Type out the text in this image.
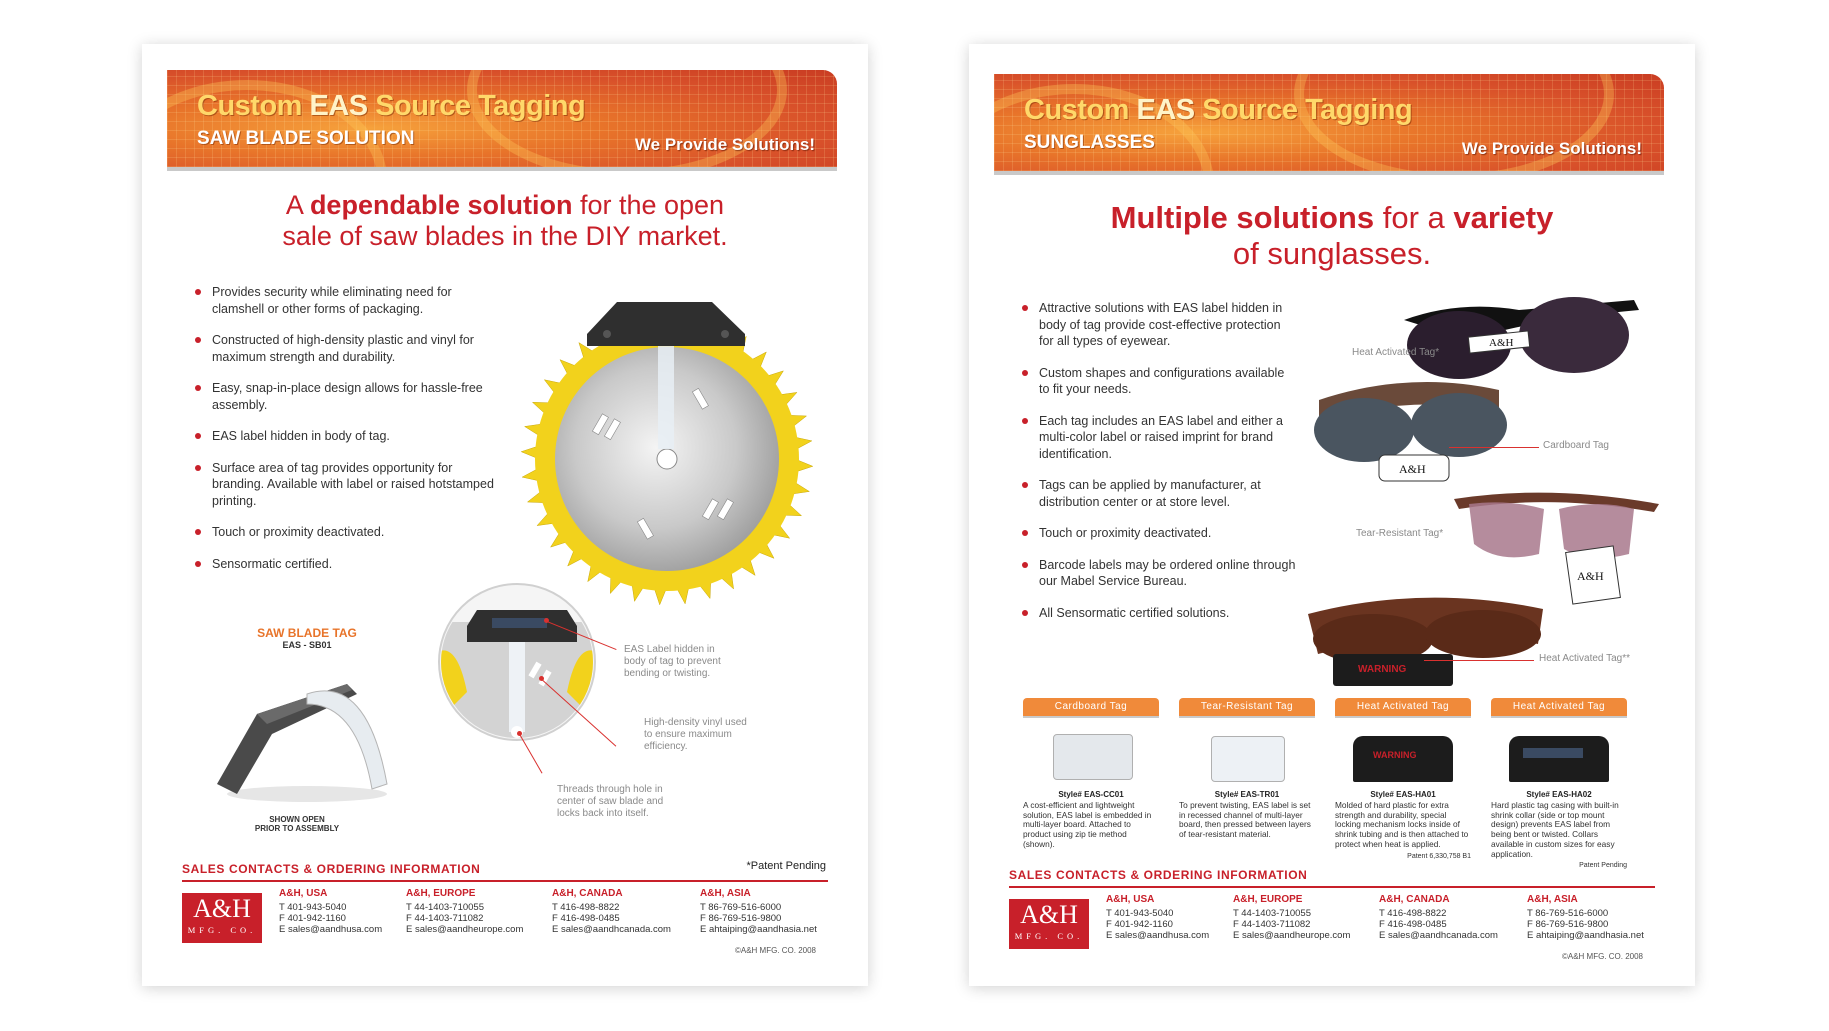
Custom EAS Source Tagging
SAW BLADE SOLUTION	We Provide Solutions!
A dependable solution for the open
sale of saw blades in the DIY market.
Provides security while eliminating need for clamshell or other forms of packaging.
Constructed of high-density plastic and vinyl for maximum strength and durability.
Easy, snap-in-place design allows for hassle-free assembly.
EAS label hidden in body of tag.
Surface area of tag provides opportunity for branding. Available with label or raised hotstamped printing.
Touch or proximity deactivated.
Sensormatic certified.
SAW BLADE TAG
EAS - SB01
SHOWN OPEN
PRIOR TO ASSEMBLY
EAS Label hidden in body of tag to prevent bending or twisting.
High-density vinyl used to ensure maximum efficiency.
Threads through hole in center of saw blade and locks back into itself.
SALES CONTACTS & ORDERING INFORMATION	*Patent Pending
A&H
MFG. CO.
A&H, USA
T 401-943-5040
F 401-942-1160
E sales@aandhusa.com
A&H, EUROPE
T 44-1403-710055
F 44-1403-711082
E sales@aandheurope.com
A&H, CANADA
T 416-498-8822
F 416-498-0485
E sales@aandhcanada.com
A&H, ASIA
T 86-769-516-6000
F 86-769-516-9800
E ahtaiping@aandhasia.net
©A&H MFG. CO. 2008
Custom EAS Source Tagging
SUNGLASSES	We Provide Solutions!
Multiple solutions for a variety
of sunglasses.
Attractive solutions with EAS label hidden in body of tag provide cost-effective protection for all types of eyewear.
Custom shapes and configurations available to fit your needs.
Each tag includes an EAS label and either a multi-color label or raised imprint for brand identification.
Tags can be applied by manufacturer, at distribution center or at store level.
Touch or proximity deactivated.
Barcode labels may be ordered online through our Mabel Service Bureau.
All Sensormatic certified solutions.
A&H
Heat Activated Tag*
A&H
Cardboard Tag
A&H
Tear-Resistant Tag*
WARNING
Heat Activated Tag**
Cardboard Tag
Style# EAS-CC01
A cost-efficient and lightweight solution, EAS label is embedded in multi-layer board. Attached to product using zip tie method (shown).
Tear-Resistant Tag
Style# EAS-TR01
To prevent twisting, EAS label is set in recessed channel of multi-layer board, then pressed between layers of tear-resistant material.
Heat Activated Tag
WARNING
Style# EAS-HA01
Molded of hard plastic for extra strength and durability, special locking mechanism locks inside of shrink tubing and is then attached to protect when heat is applied.
Patent 6,330,758 B1
Heat Activated Tag
Style# EAS-HA02
Hard plastic tag casing with built-in shrink collar (side or top mount design) prevents EAS label from being bent or twisted. Collars available in custom sizes for easy application.
Patent Pending
SALES CONTACTS & ORDERING INFORMATION
A&H
MFG. CO.
A&H, USA
T 401-943-5040
F 401-942-1160
E sales@aandhusa.com
A&H, EUROPE
T 44-1403-710055
F 44-1403-711082
E sales@aandheurope.com
A&H, CANADA
T 416-498-8822
F 416-498-0485
E sales@aandhcanada.com
A&H, ASIA
T 86-769-516-6000
F 86-769-516-9800
E ahtaiping@aandhasia.net
©A&H MFG. CO. 2008
